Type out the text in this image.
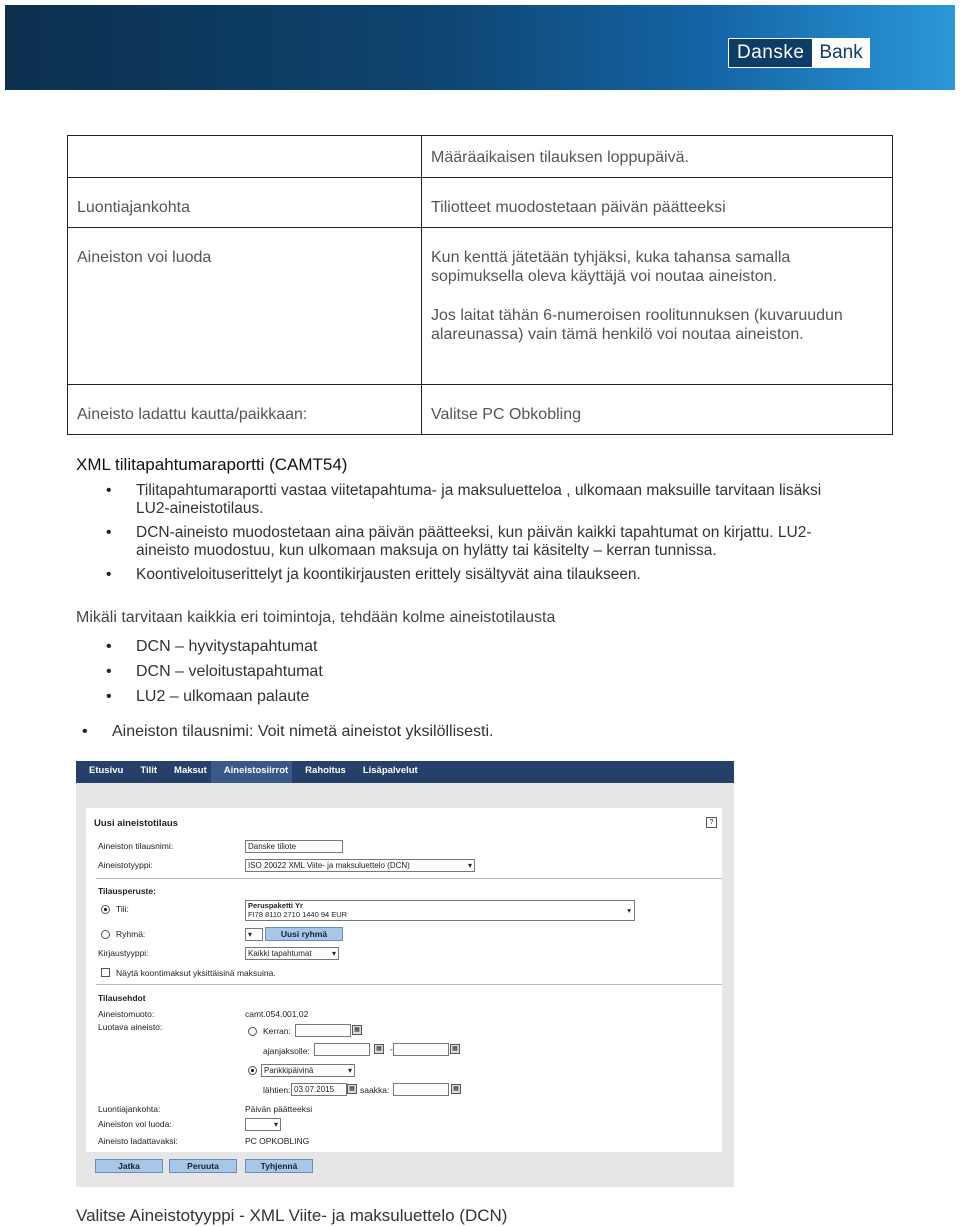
Danske Bank
	Määräaikaisen tilauksen loppupäivä.
Luontiajankohta	Tiliotteet muodostetaan päivän päätteeksi
Aineiston voi luoda	Kun kenttä jätetään tyhjäksi, kuka tahansa samalla sopimuksella oleva käyttäjä voi noutaa aineiston.
Jos laitat tähän 6-numeroisen roolitunnuksen (kuvaruudun alareunassa) vain tämä henkilö voi noutaa aineiston.

Aineisto ladattu kautta/paikkaan:	Valitse PC Obkobling
XML tilitapahtumaraportti (CAMT54)
• Tilitapahtumaraportti vastaa viitetapahtuma- ja maksuluetteloa , ulkomaan maksuille tarvitaan lisäksi LU2-aineistotilaus.
• DCN-aineisto muodostetaan aina päivän päätteeksi, kun päivän kaikki tapahtumat on kirjattu. LU2-aineisto muodostuu, kun ulkomaan maksuja on hylätty tai käsitelty – kerran tunnissa.
• Koontiveloituserittelyt ja koontikirjausten erittely sisältyvät aina tilaukseen.
Mikäli tarvitaan kaikkia eri toimintoja, tehdään kolme aineistotilausta
• DCN – hyvitystapahtumat
• DCN – veloitustapahtumat
• LU2 – ulkomaan palaute
• Aineiston tilausnimi: Voit nimetä aineistot yksilöllisesti.
Etusivu	Tilit	Maksut	Aineistosiirrot	Rahoitus	Lisäpalvelut
Uusi aineistotilaus	?
Aineiston tilausnimi:	Danske tiliote
Aineistotyyppi:	ISO 20022 XML Viite- ja maksuluettelo (DCN)	▾
Tilausperuste:
Tili:	Peruspaketti Yr
FI78 8110 2710 1440 94 EUR	▾
Ryhmä:	▾	Uusi ryhmä
Kirjaustyyppi:	Kaikki tapahtumat	▾
Näytä koontimaksut yksittäisinä maksuina.
Tilausehdot
Aineistomuoto:	camt.054.001.02
Luotava aineisto:	Kerran:	▦
ajanjaksolle:	▦ -	▦
Pankkipäivinä	▾
lähtien: 03.07.2015	▦ saakka:	▦
Luontiajankohta:	Päivän päätteeksi
Aineiston voi luoda:	▾
Aineisto ladattavaksi:	PC OPKOBLING
Jatka	Peruuta	Tyhjennä
Valitse Aineistotyyppi - XML Viite- ja maksuluettelo (DCN)
